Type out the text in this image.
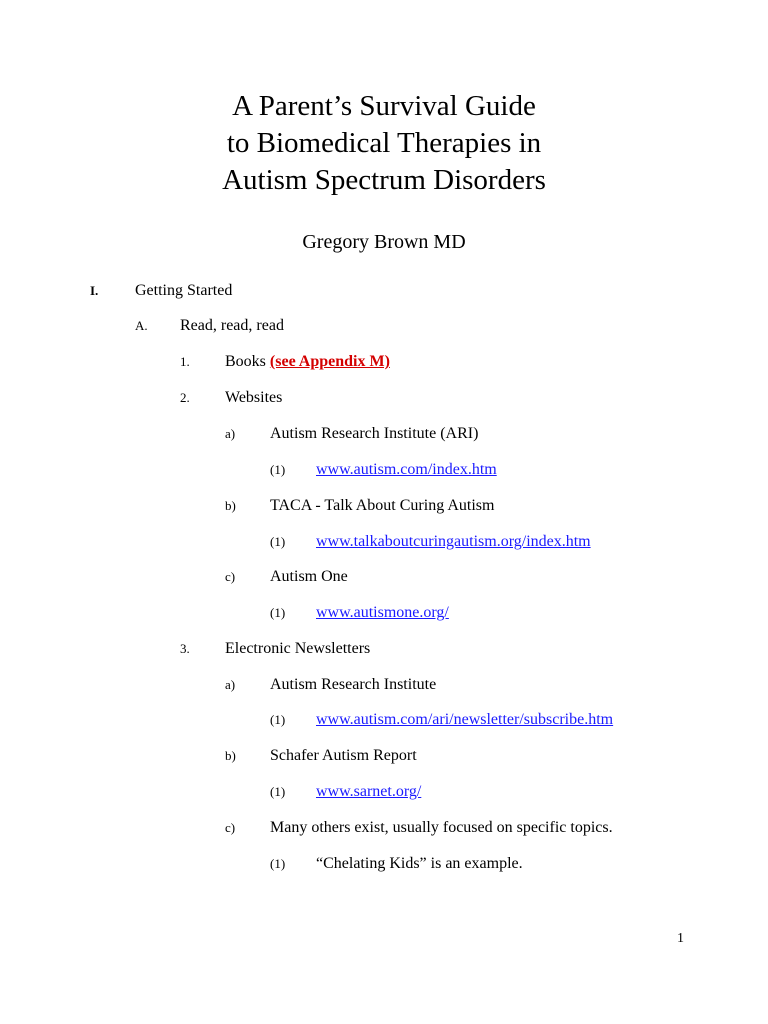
A Parent’s Survival Guide
to Biomedical Therapies in
Autism Spectrum Disorders
Gregory Brown MD
I. Getting Started
A. Read, read, read
1. Books (see Appendix M)
2. Websites
a) Autism Research Institute (ARI)
(1) www.autism.com/index.htm
b) TACA - Talk About Curing Autism
(1) www.talkaboutcuringautism.org/index.htm
c) Autism One
(1) www.autismone.org/
3. Electronic Newsletters
a) Autism Research Institute
(1) www.autism.com/ari/newsletter/subscribe.htm
b) Schafer Autism Report
(1) www.sarnet.org/
c) Many others exist, usually focused on specific topics.
(1) “Chelating Kids” is an example.
1
